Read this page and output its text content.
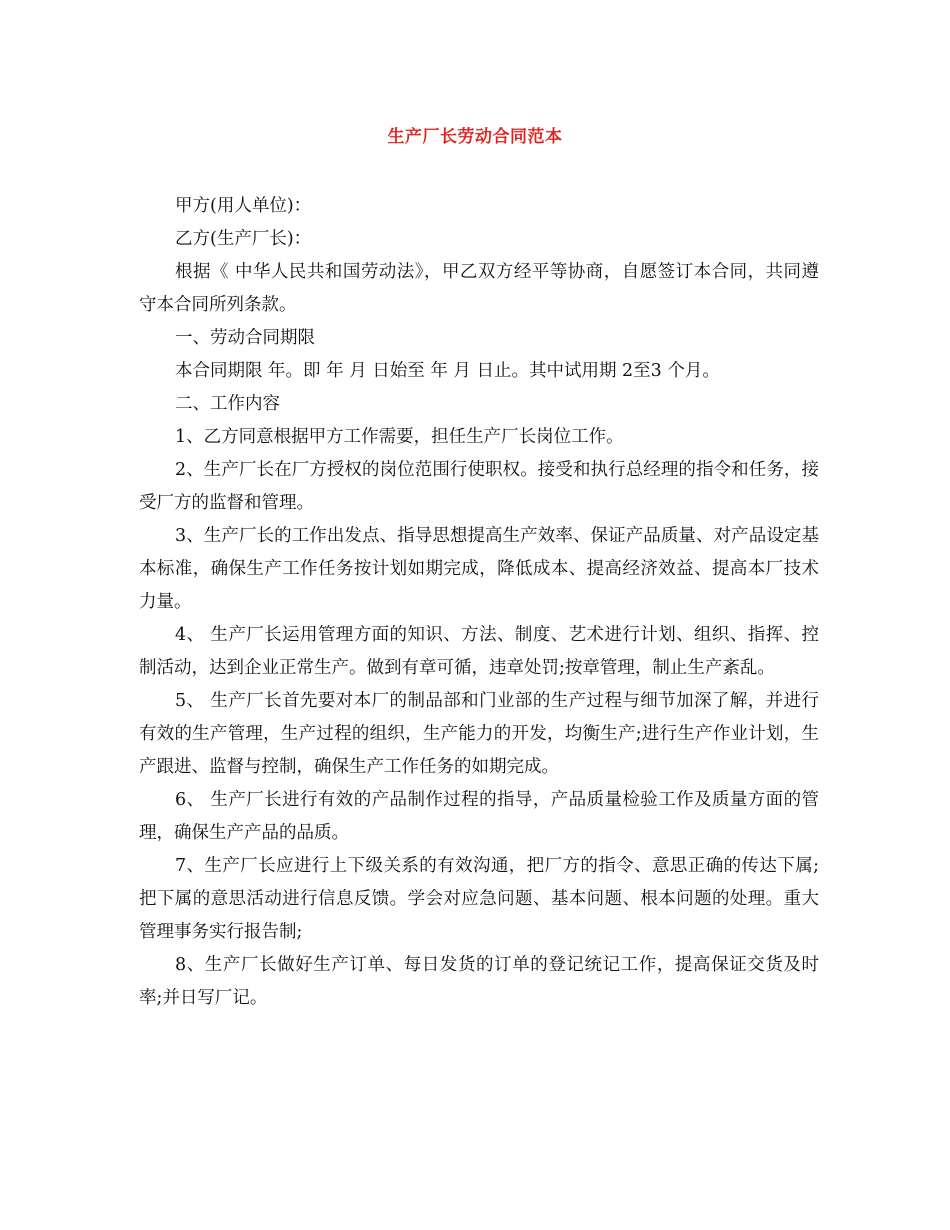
生产厂长劳动合同范本

甲方(用人单位)：

乙方(生产厂长)：

根据《 中华人民共和国劳动法》，甲乙双方经平等协商，自愿签订本合同，共同遵守本合同所列条款。

一、劳动合同期限

本合同期限 年。即 年 月 日始至 年 月 日止。其中试用期 2至3 个月。

二、工作内容

1、乙方同意根据甲方工作需要，担任生产厂长岗位工作。

2、生产厂长在厂方授权的岗位范围行使职权。接受和执行总经理的指令和任务，接受厂方的监督和管理。

3、生产厂长的工作出发点、指导思想提高生产效率、保证产品质量、对产品设定基本标准，确保生产工作任务按计划如期完成，降低成本、提高经济效益、提高本厂技术力量。

4、 生产厂长运用管理方面的知识、方法、制度、艺术进行计划、组织、指挥、控制活动，达到企业正常生产。做到有章可循，违章处罚;按章管理，制止生产紊乱。

5、 生产厂长首先要对本厂的制品部和门业部的生产过程与细节加深了解，并进行有效的生产管理，生产过程的组织，生产能力的开发，均衡生产;进行生产作业计划，生产跟进、监督与控制，确保生产工作任务的如期完成。

6、 生产厂长进行有效的产品制作过程的指导，产品质量检验工作及质量方面的管理，确保生产产品的品质。

7、生产厂长应进行上下级关系的有效沟通，把厂方的指令、意思正确的传达下属;把下属的意思活动进行信息反馈。学会对应急问题、基本问题、根本问题的处理。重大管理事务实行报告制;

8、生产厂长做好生产订单、每日发货的订单的登记统记工作，提高保证交货及时率;并日写厂记。
